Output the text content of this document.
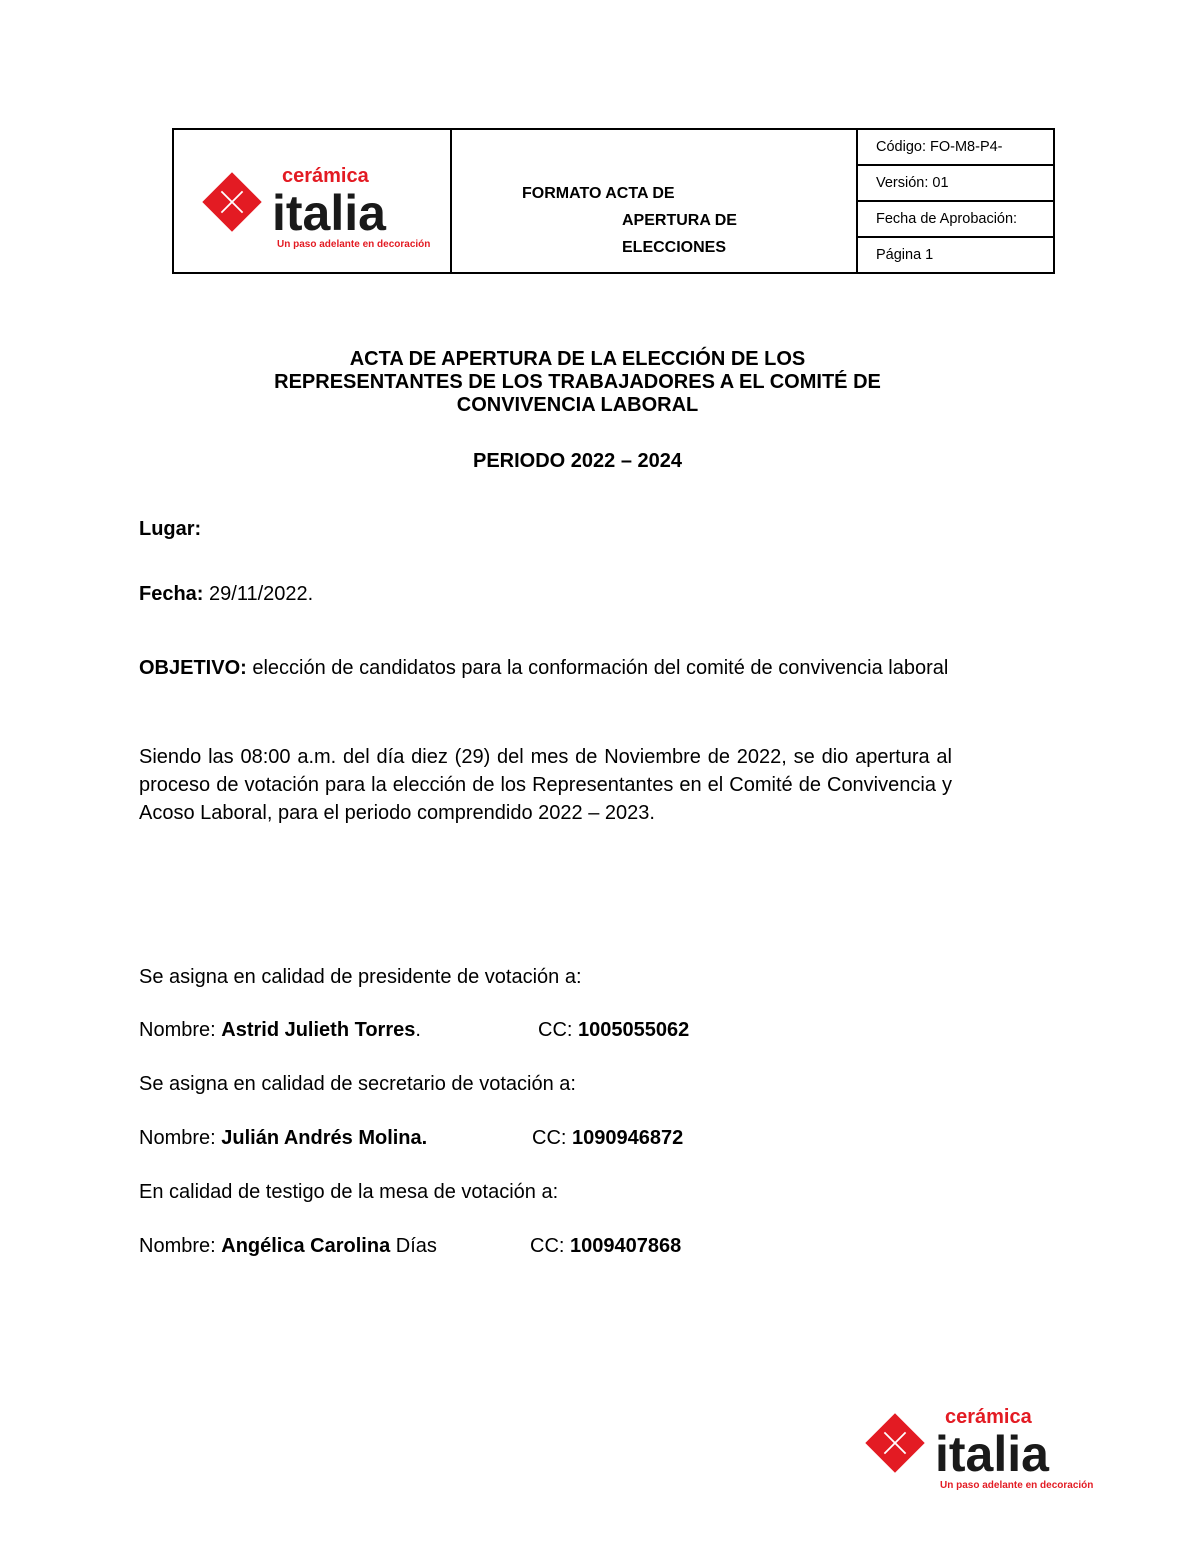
cerámica
italia
Un paso adelante en decoración
FORMATO ACTA DE
APERTURA DE
ELECCIONES
Código: FO-M8-P4-
Versión: 01
Fecha de Aprobación:
Página 1
ACTA DE APERTURA DE LA ELECCIÓN DE LOS
REPRESENTANTES DE LOS TRABAJADORES A EL COMITÉ DE
CONVIVENCIA LABORAL
PERIODO 2022 – 2024
Lugar:
Fecha: 29/11/2022.
OBJETIVO: elección de candidatos para la conformación del comité de convivencia laboral
Siendo las 08:00 a.m. del día diez (29) del mes de Noviembre de 2022, se dio apertura al proceso de votación para la elección de los Representantes en el Comité de Convivencia y Acoso Laboral, para el periodo comprendido 2022 – 2023.
Se asigna en calidad de presidente de votación a:
Nombre: Astrid Julieth Torres.	CC: 1005055062
Se asigna en calidad de secretario de votación a:
Nombre: Julián Andrés Molina.	CC: 1090946872
En calidad de testigo de la mesa de votación a:
Nombre: Angélica Carolina Días	CC: 1009407868
cerámica
italia
Un paso adelante en decoración
